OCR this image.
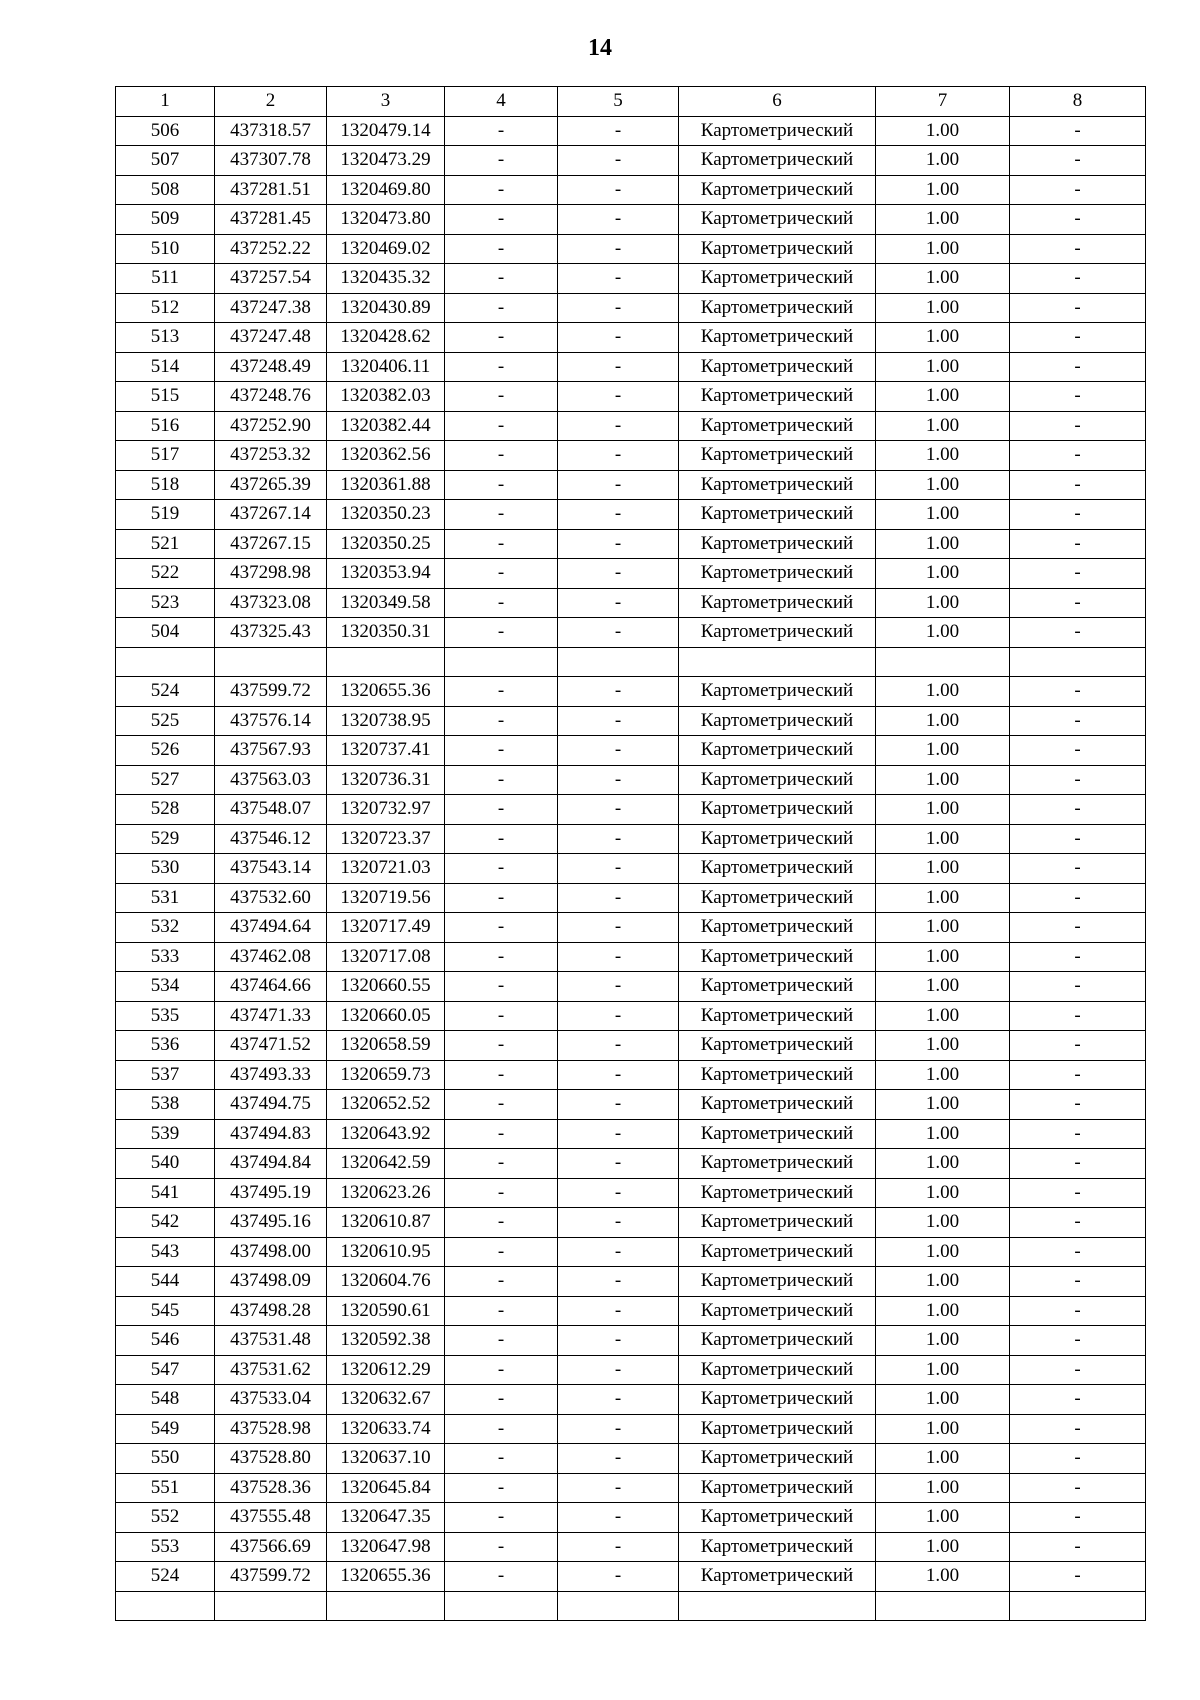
14
1	2	3	4	5	6	7	8
506	437318.57	1320479.14	-	-	Картометрический	1.00	-
507	437307.78	1320473.29	-	-	Картометрический	1.00	-
508	437281.51	1320469.80	-	-	Картометрический	1.00	-
509	437281.45	1320473.80	-	-	Картометрический	1.00	-
510	437252.22	1320469.02	-	-	Картометрический	1.00	-
511	437257.54	1320435.32	-	-	Картометрический	1.00	-
512	437247.38	1320430.89	-	-	Картометрический	1.00	-
513	437247.48	1320428.62	-	-	Картометрический	1.00	-
514	437248.49	1320406.11	-	-	Картометрический	1.00	-
515	437248.76	1320382.03	-	-	Картометрический	1.00	-
516	437252.90	1320382.44	-	-	Картометрический	1.00	-
517	437253.32	1320362.56	-	-	Картометрический	1.00	-
518	437265.39	1320361.88	-	-	Картометрический	1.00	-
519	437267.14	1320350.23	-	-	Картометрический	1.00	-
521	437267.15	1320350.25	-	-	Картометрический	1.00	-
522	437298.98	1320353.94	-	-	Картометрический	1.00	-
523	437323.08	1320349.58	-	-	Картометрический	1.00	-
504	437325.43	1320350.31	-	-	Картометрический	1.00	-

524	437599.72	1320655.36	-	-	Картометрический	1.00	-
525	437576.14	1320738.95	-	-	Картометрический	1.00	-
526	437567.93	1320737.41	-	-	Картометрический	1.00	-
527	437563.03	1320736.31	-	-	Картометрический	1.00	-
528	437548.07	1320732.97	-	-	Картометрический	1.00	-
529	437546.12	1320723.37	-	-	Картометрический	1.00	-
530	437543.14	1320721.03	-	-	Картометрический	1.00	-
531	437532.60	1320719.56	-	-	Картометрический	1.00	-
532	437494.64	1320717.49	-	-	Картометрический	1.00	-
533	437462.08	1320717.08	-	-	Картометрический	1.00	-
534	437464.66	1320660.55	-	-	Картометрический	1.00	-
535	437471.33	1320660.05	-	-	Картометрический	1.00	-
536	437471.52	1320658.59	-	-	Картометрический	1.00	-
537	437493.33	1320659.73	-	-	Картометрический	1.00	-
538	437494.75	1320652.52	-	-	Картометрический	1.00	-
539	437494.83	1320643.92	-	-	Картометрический	1.00	-
540	437494.84	1320642.59	-	-	Картометрический	1.00	-
541	437495.19	1320623.26	-	-	Картометрический	1.00	-
542	437495.16	1320610.87	-	-	Картометрический	1.00	-
543	437498.00	1320610.95	-	-	Картометрический	1.00	-
544	437498.09	1320604.76	-	-	Картометрический	1.00	-
545	437498.28	1320590.61	-	-	Картометрический	1.00	-
546	437531.48	1320592.38	-	-	Картометрический	1.00	-
547	437531.62	1320612.29	-	-	Картометрический	1.00	-
548	437533.04	1320632.67	-	-	Картометрический	1.00	-
549	437528.98	1320633.74	-	-	Картометрический	1.00	-
550	437528.80	1320637.10	-	-	Картометрический	1.00	-
551	437528.36	1320645.84	-	-	Картометрический	1.00	-
552	437555.48	1320647.35	-	-	Картометрический	1.00	-
553	437566.69	1320647.98	-	-	Картометрический	1.00	-
524	437599.72	1320655.36	-	-	Картометрический	1.00	-
